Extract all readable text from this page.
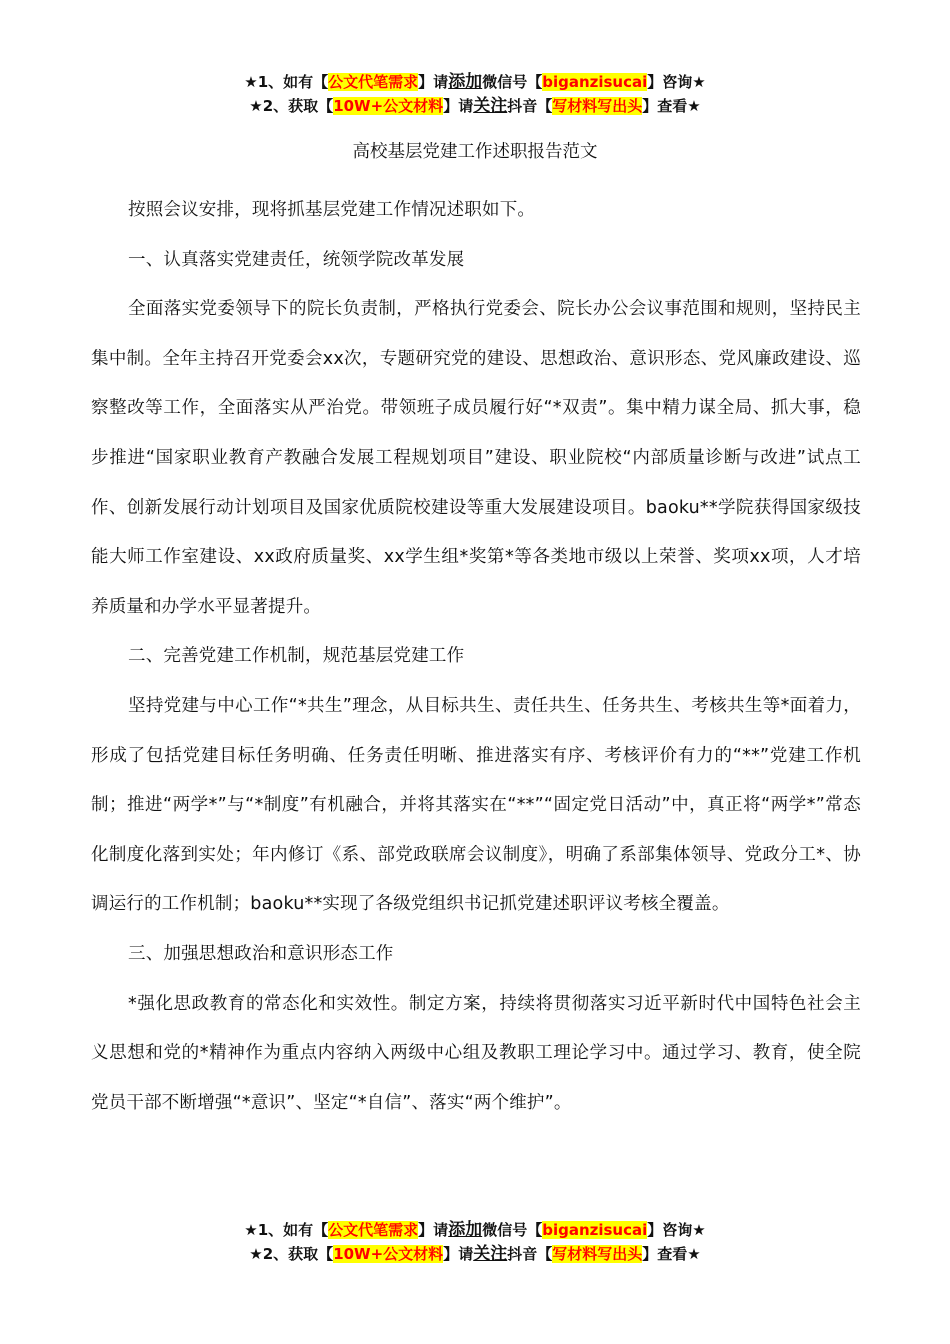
★1、如有【公文代笔需求】请添加微信号【biganzisucai】咨询★
★2、获取【10W+公文材料】请关注抖音【写材料写出头】查看★
高校基层党建工作述职报告范文

按照会议安排，现将抓基层党建工作情况述职如下。

一、认真落实党建责任，统领学院改革发展

全面落实党委领导下的院长负责制，严格执行党委会、院长办公会议事范围和规则，坚持民主集中制。全年主持召开党委会xx次，专题研究党的建设、思想政治、意识形态、党风廉政建设、巡察整改等工作，全面落实从严治党。带领班子成员履行好“*双责”。集中精力谋全局、抓大事，稳步推进“国家职业教育产教融合发展工程规划项目”建设、职业院校“内部质量诊断与改进”试点工作、创新发展行动计划项目及国家优质院校建设等重大发展建设项目。baoku**学院获得国家级技能大师工作室建设、xx政府质量奖、xx学生组*奖第*等各类地市级以上荣誉、奖项xx项，人才培养质量和办学水平显著提升。

二、完善党建工作机制，规范基层党建工作

坚持党建与中心工作“*共生”理念，从目标共生、责任共生、任务共生、考核共生等*面着力，形成了包括党建目标任务明确、任务责任明晰、推进落实有序、考核评价有力的“**”党建工作机制；推进“两学*”与“*制度”有机融合，并将其落实在“**”“固定党日活动”中，真正将“两学*”常态化制度化落到实处；年内修订《系、部党政联席会议制度》，明确了系部集体领导、党政分工*、协调运行的工作机制；baoku**实现了各级党组织书记抓党建述职评议考核全覆盖。

三、加强思想政治和意识形态工作

*强化思政教育的常态化和实效性。制定方案，持续将贯彻落实习近平新时代中国特色社会主义思想和党的*精神作为重点内容纳入两级中心组及教职工理论学习中。通过学习、教育，使全院党员干部不断增强“*意识”、坚定“*自信”、落实“两个维护”。

★1、如有【公文代笔需求】请添加微信号【biganzisucai】咨询★
★2、获取【10W+公文材料】请关注抖音【写材料写出头】查看★
